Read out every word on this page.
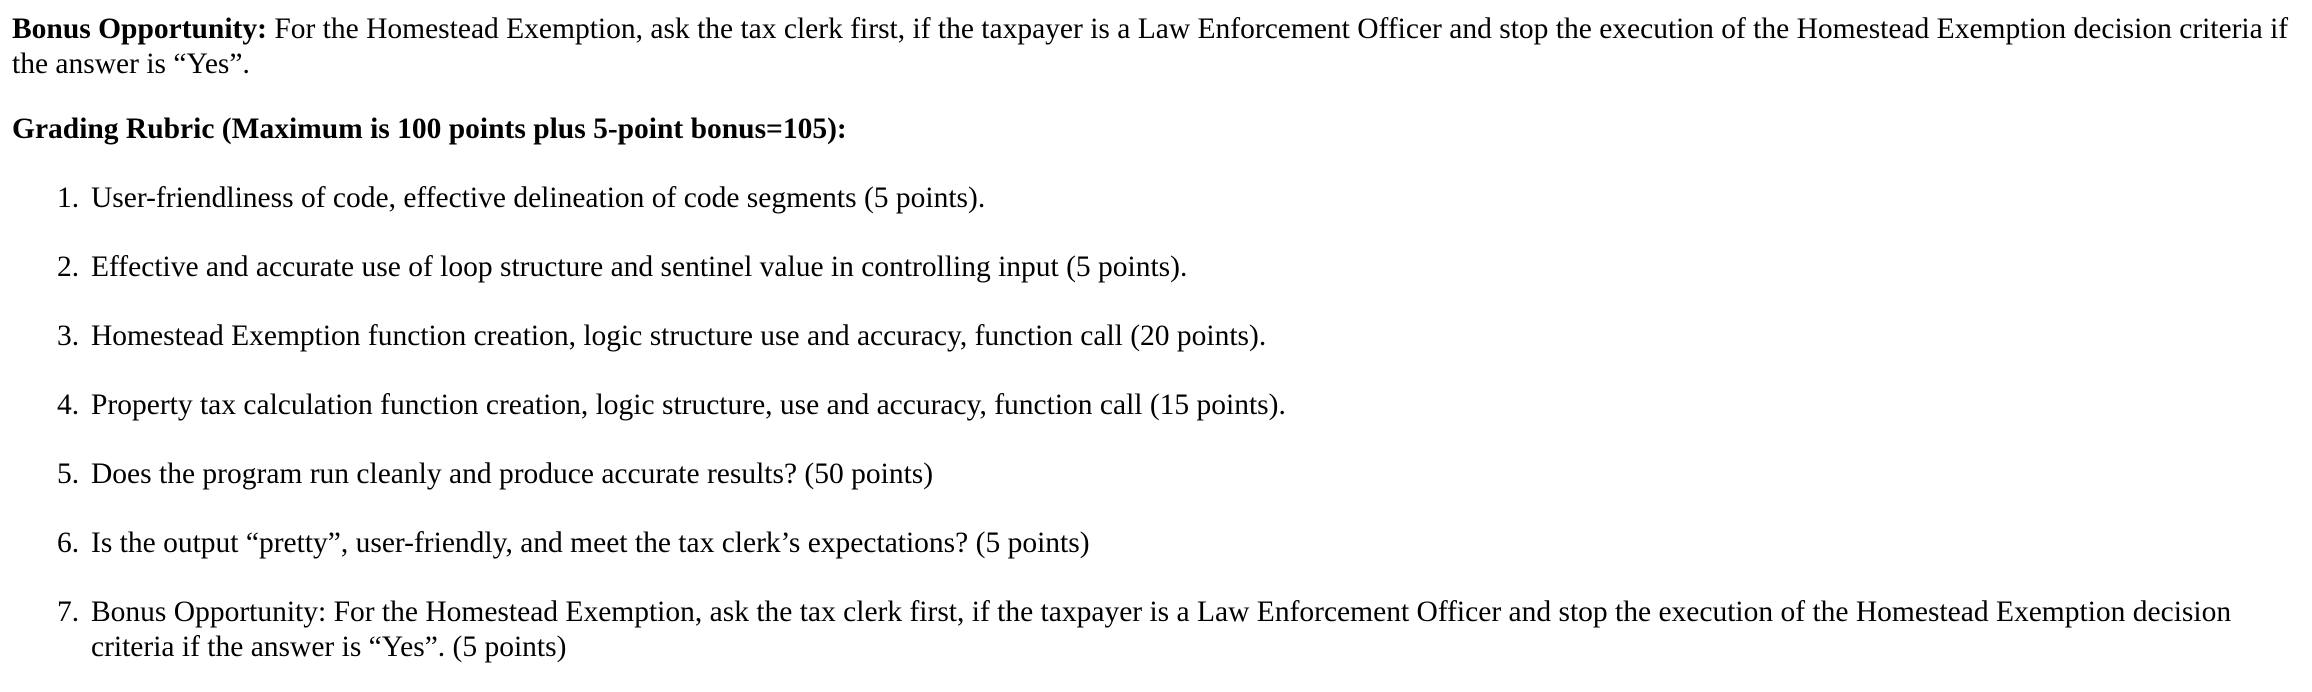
Bonus Opportunity: For the Homestead Exemption, ask the tax clerk first, if the taxpayer is a Law Enforcement Officer and stop the execution of the Homestead Exemption decision criteria if the answer is “Yes”.

Grading Rubric (Maximum is 100 points plus 5-point bonus=105):

1. User-friendliness of code, effective delineation of code segments (5 points).
2. Effective and accurate use of loop structure and sentinel value in controlling input (5 points).
3. Homestead Exemption function creation, logic structure use and accuracy, function call (20 points).
4. Property tax calculation function creation, logic structure, use and accuracy, function call (15 points).
5. Does the program run cleanly and produce accurate results? (50 points)
6. Is the output “pretty”, user-friendly, and meet the tax clerk’s expectations? (5 points)
7. Bonus Opportunity: For the Homestead Exemption, ask the tax clerk first, if the taxpayer is a Law Enforcement Officer and stop the execution of the Homestead Exemption decision criteria if the answer is “Yes”. (5 points)
